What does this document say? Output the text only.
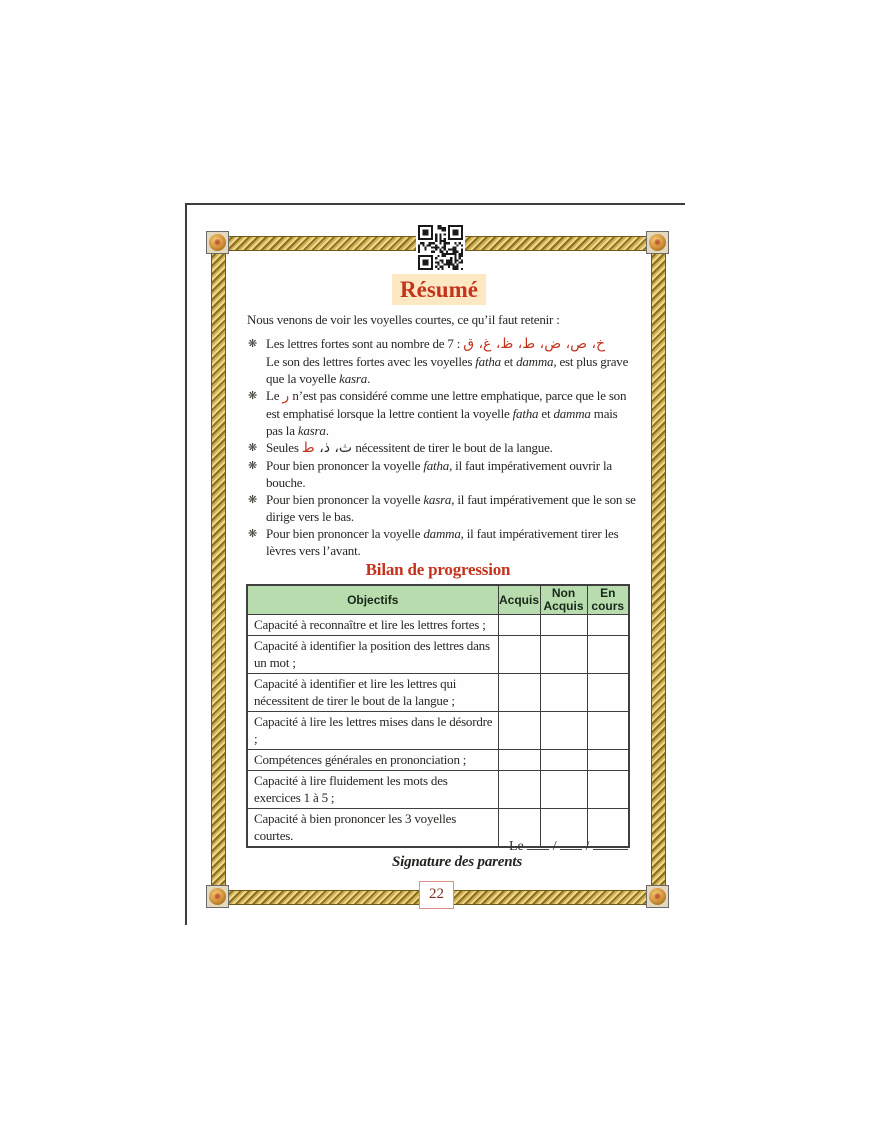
Résumé
Nous venons de voir les voyelles courtes, ce qu’il faut retenir :
❋ Les lettres fortes sont au nombre de 7 : خ، ص، ض، ط، ظ، غ، ق
Le son des lettres fortes avec les voyelles fatha et damma, est plus grave que la voyelle kasra.
❋ Le ر n’est pas considéré comme une lettre emphatique, parce que le son est emphatisé lorsque la lettre contient la voyelle fatha et damma mais pas la kasra.
❋ Seules ث، ذ، ط	nécessitent de tirer le bout de la langue.
❋ Pour bien prononcer la voyelle fatha, il faut impérativement ouvrir la bouche.
❋ Pour bien prononcer la voyelle kasra, il faut impérativement que le son se dirige vers le bas.
❋ Pour bien prononcer la voyelle damma, il faut impérativement tirer les lèvres vers l’avant.
Bilan de progression
Objectifs	Acquis	Non Acquis	En cours
Capacité à reconnaître et lire les lettres fortes ;			
Capacité à identifier la position des lettres dans un mot ;			
Capacité à identifier et lire les lettres qui nécessitent de tirer le bout de la langue ;			
Capacité à lire les lettres mises dans le désordre ;			
Compétences générales en prononciation ;			
Capacité à lire fluidement les mots des exercices 1 à 5 ;			
Capacité à bien prononcer les 3 voyelles courtes.			
Le / /
Signature des parents
22
